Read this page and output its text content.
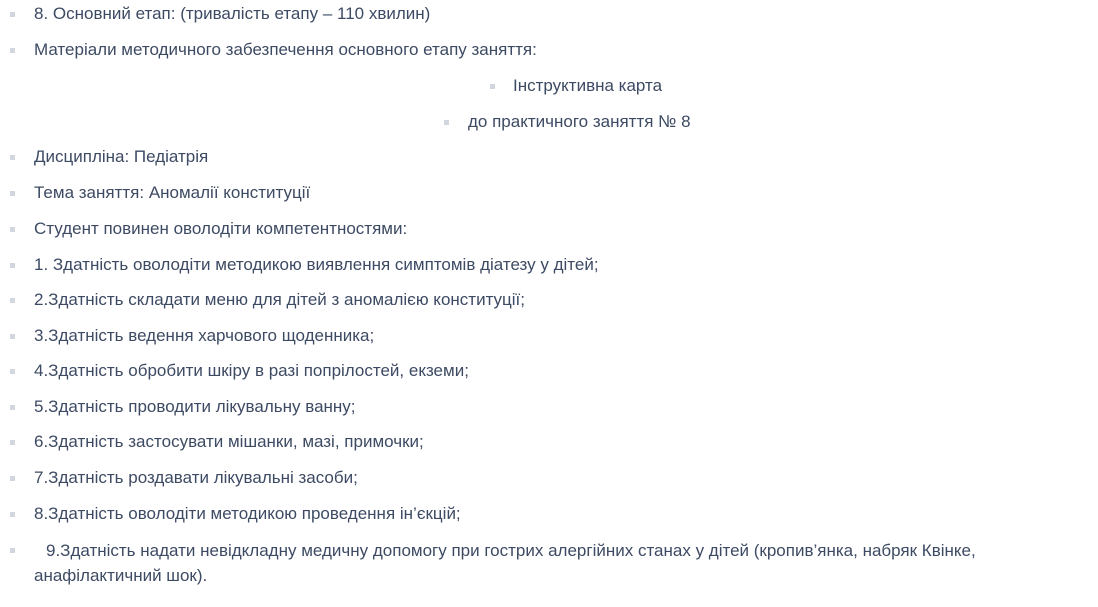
8. Основний етап: (тривалість етапу – 110 хвилин)
Матеріали методичного забезпечення основного етапу заняття:
Інструктивна карта
до практичного заняття № 8
Дисципліна: Педіатрія
Тема заняття: Аномалії конституції
Студент повинен оволодіти компетентностями:
1. Здатність оволодіти методикою виявлення симптомів діатезу у дітей;
2.Здатність складати меню для дітей з аномалією конституції;
3.Здатність ведення харчового щоденника;
4.Здатність обробити шкіру в разі попрілостей, екземи;
5.Здатність проводити лікувальну ванну;
6.Здатність застосувати мішанки, мазі, примочки;
7.Здатність роздавати лікувальні засоби;
8.Здатність оволодіти методикою проведення ін’єкцій;
9.Здатність надати невідкладну медичну допомогу при гострих алергійних станах у дітей (кропив’янка, набряк Квінке, анафілактичний шок).
